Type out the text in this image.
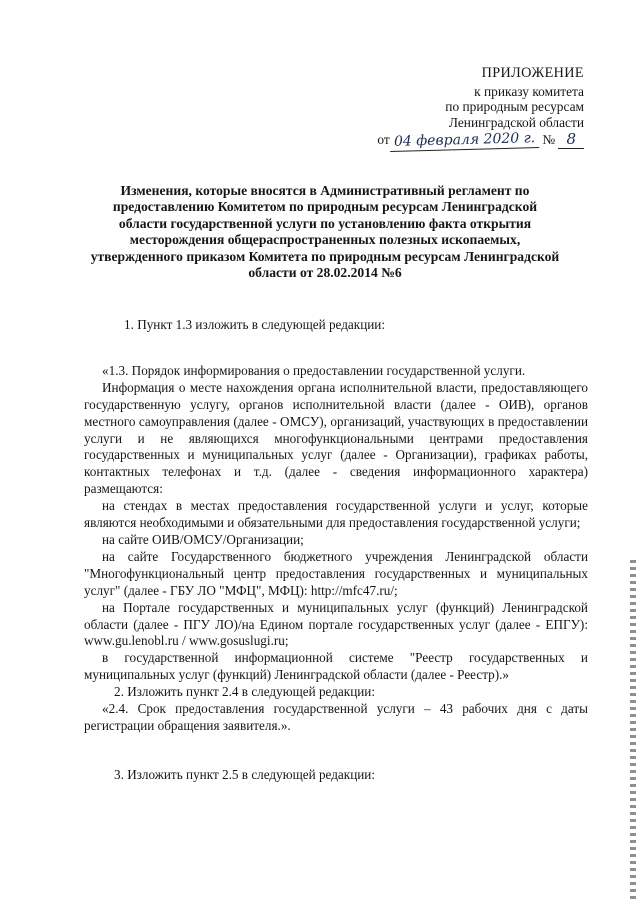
ПРИЛОЖЕНИЕ
к приказу комитета
по природным ресурсам
Ленинградской области
от 04 февраля 2020 г. № 8
Изменения, которые вносятся в Административный регламент по предоставлению Комитетом по природным ресурсам Ленинградской области государственной услуги по установлению факта открытия месторождения общераспространенных полезных ископаемых, утвержденного приказом Комитета по природным ресурсам Ленинградской области от 28.02.2014 №6

1. Пункт 1.3 изложить в следующей редакции:

«1.3. Порядок информирования о предоставлении государственной услуги.

Информация о месте нахождения органа исполнительной власти, предоставляющего государственную услугу, органов исполнительной власти (далее - ОИВ), органов местного самоуправления (далее - ОМСУ), организаций, участвующих в предоставлении услуги и не являющихся многофункциональными центрами предоставления государственных и муниципальных услуг (далее - Организации), графиках работы, контактных телефонах и т.д. (далее - сведения информационного характера) размещаются:

на стендах в местах предоставления государственной услуги и услуг, которые являются необходимыми и обязательными для предоставления государственной услуги;

на сайте ОИВ/ОМСУ/Организации;

на сайте Государственного бюджетного учреждения Ленинградской области "Многофункциональный центр предоставления государственных и муниципальных услуг" (далее - ГБУ ЛО "МФЦ", МФЦ): http://mfc47.ru/;

на Портале государственных и муниципальных услуг (функций) Ленинградской области (далее - ПГУ ЛО)/на Едином портале государственных услуг (далее - ЕПГУ): www.gu.lenobl.ru / www.gosuslugi.ru;

в государственной информационной системе "Реестр государственных и муниципальных услуг (функций) Ленинградской области (далее - Реестр).»

2. Изложить пункт 2.4 в следующей редакции:

«2.4. Срок предоставления государственной услуги – 43 рабочих дня с даты регистрации обращения заявителя.».

3. Изложить пункт 2.5 в следующей редакции:
